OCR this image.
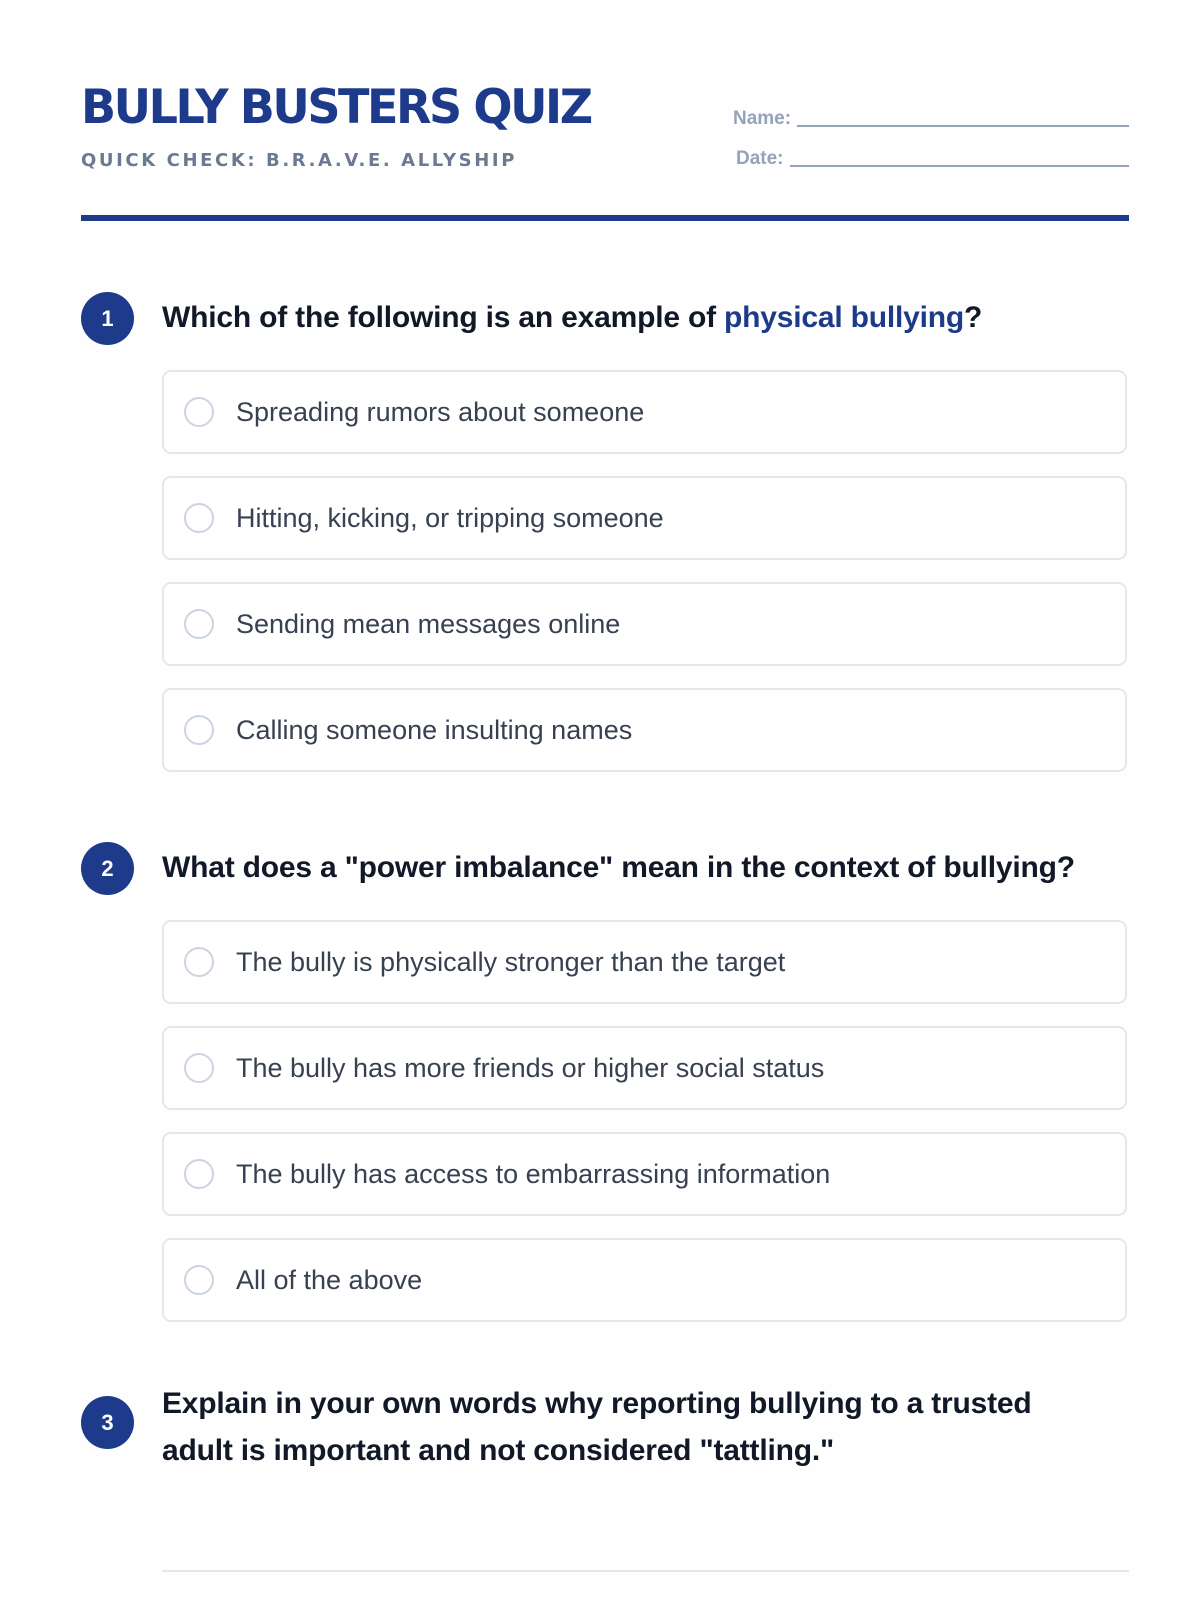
BULLY BUSTERS QUIZ
QUICK CHECK: B.R.A.V.E. ALLYSHIP
Name:
Date:
1	Which of the following is an example of physical bullying?

Spreading rumors about someone
Hitting, kicking, or tripping someone
Sending mean messages online
Calling someone insulting names
2	What does a "power imbalance" mean in the context of bullying?

The bully is physically stronger than the target
The bully has more friends or higher social status
The bully has access to embarrassing information
All of the above
3

Explain in your own words why reporting bullying to a trusted adult is important and not considered "tattling."
